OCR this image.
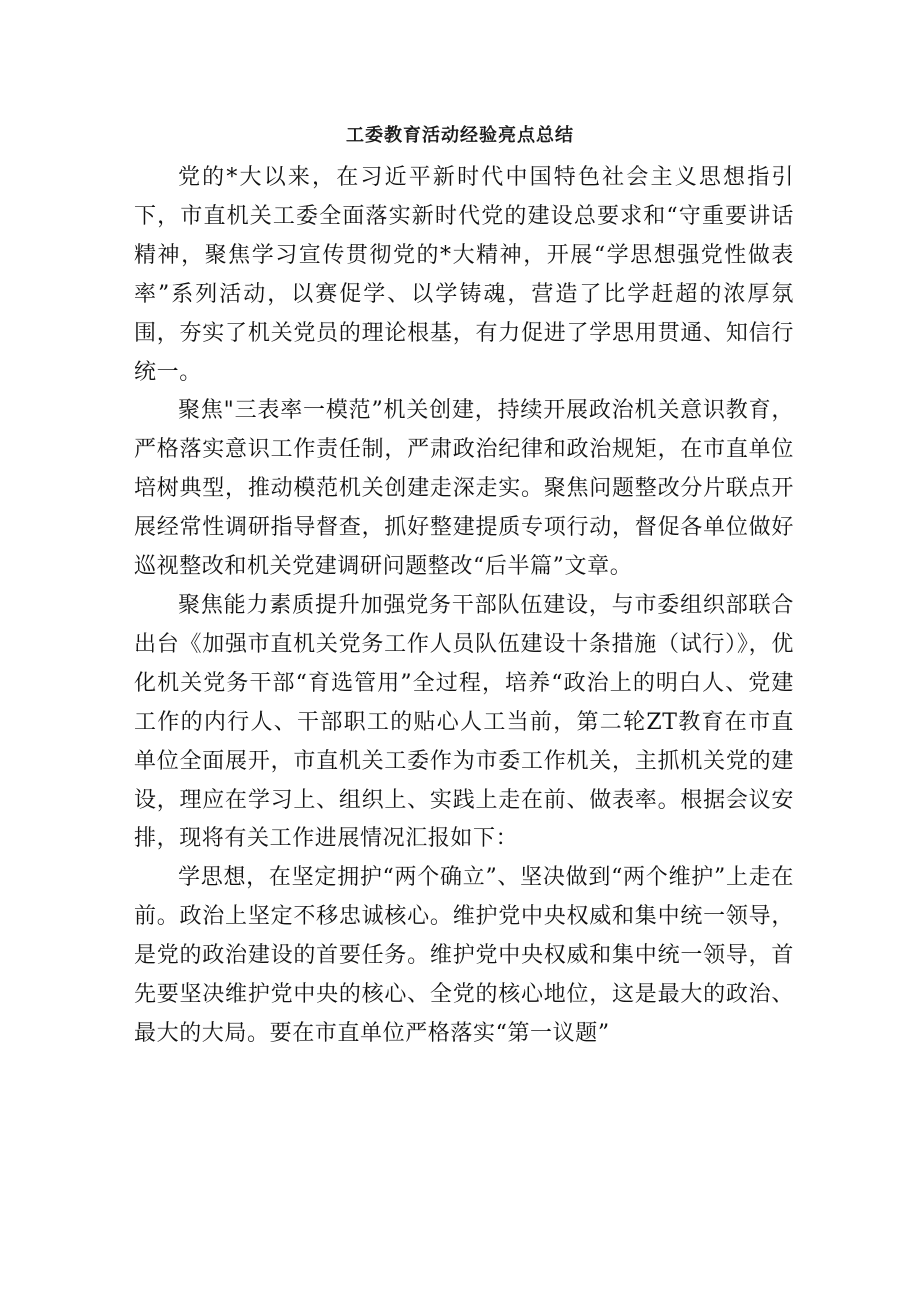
工委教育活动经验亮点总结

党的*大以来，在习近平新时代中国特色社会主义思想指引下，市直机关工委全面落实新时代党的建设总要求和“守重要讲话精神，聚焦学习宣传贯彻党的*大精神，开展“学思想强党性做表率”系列活动，以赛促学、以学铸魂，营造了比学赶超的浓厚氛围，夯实了机关党员的理论根基，有力促进了学思用贯通、知信行统一。

聚焦"三表率一模范”机关创建，持续开展政治机关意识教育，严格落实意识工作责任制，严肃政治纪律和政治规矩，在市直单位培树典型，推动模范机关创建走深走实。聚焦问题整改分片联点开展经常性调研指导督查，抓好整建提质专项行动，督促各单位做好巡视整改和机关党建调研问题整改“后半篇”文章。

聚焦能力素质提升加强党务干部队伍建设，与市委组织部联合出台《加强市直机关党务工作人员队伍建设十条措施（试行）》，优化机关党务干部“育选管用”全过程，培养“政治上的明白人、党建工作的内行人、干部职工的贴心人工当前，第二轮ZT教育在市直单位全面展开，市直机关工委作为市委工作机关，主抓机关党的建设，理应在学习上、组织上、实践上走在前、做表率。根据会议安排，现将有关工作进展情况汇报如下：

学思想，在坚定拥护“两个确立”、坚决做到“两个维护”上走在前。政治上坚定不移忠诚核心。维护党中央权威和集中统一领导，是党的政治建设的首要任务。维护党中央权威和集中统一领导，首先要坚决维护党中央的核心、全党的核心地位，这是最大的政治、最大的大局。要在市直单位严格落实“第一议题”
